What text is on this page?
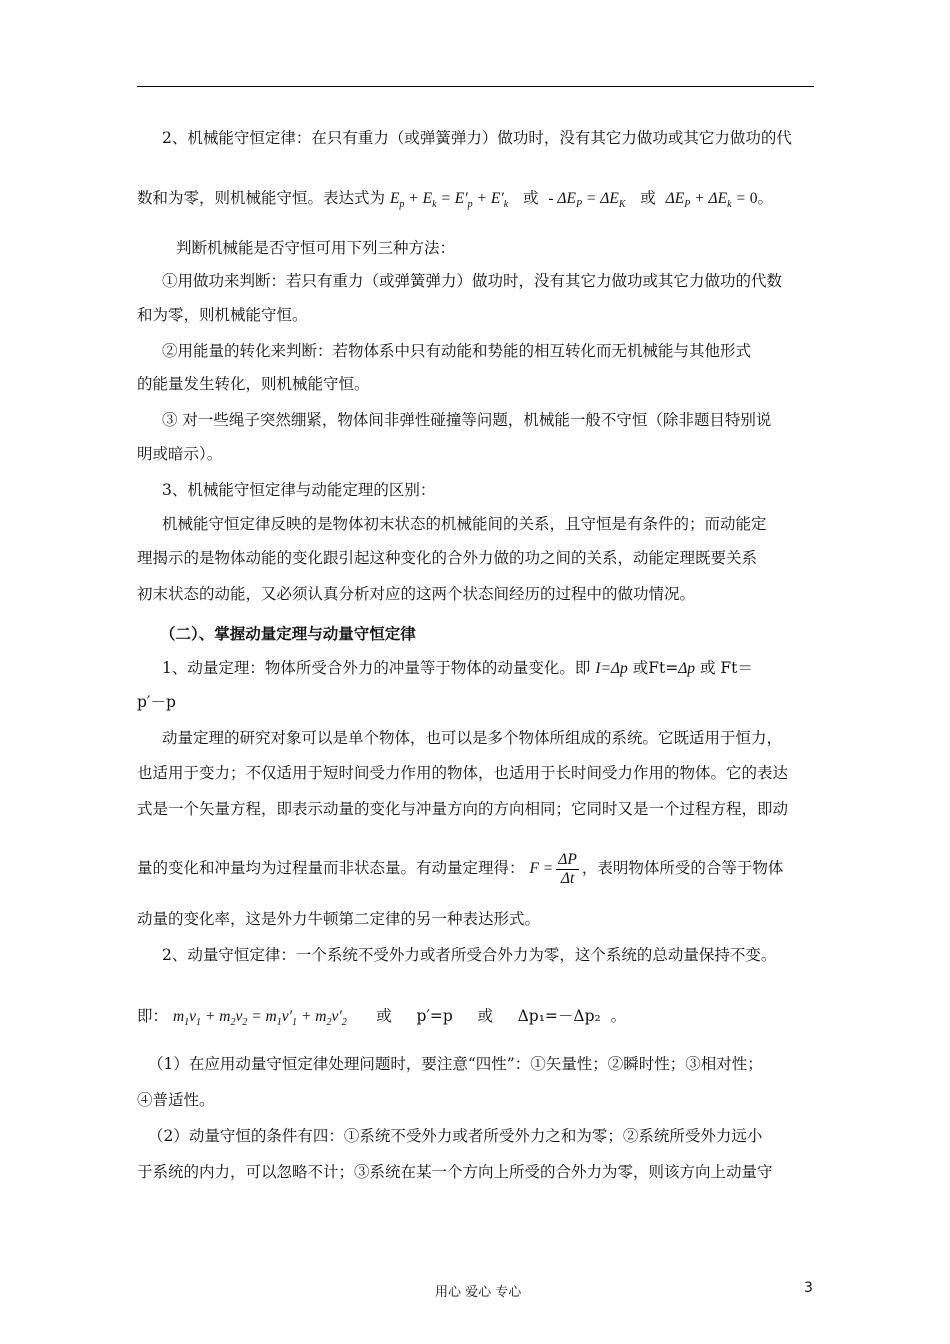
2、机械能守恒定律：在只有重力（或弹簧弹力）做功时，没有其它力做功或其它力做功的代
数和为零，则机械能守恒。表达式为 $E_p + E_k = E'_p + E'_k$ 或 - $\Delta E_P = \Delta E_K$ 或 $\Delta E_P + \Delta E_k = 0$。
判断机械能是否守恒可用下列三种方法：
①用做功来判断：若只有重力（或弹簧弹力）做功时，没有其它力做功或其它力做功的代数
和为零，则机械能守恒。
②用能量的转化来判断：若物体系中只有动能和势能的相互转化而无机械能与其他形式
的能量发生转化，则机械能守恒。
③ 对一些绳子突然绷紧，物体间非弹性碰撞等问题，机械能一般不守恒（除非题目特别说
明或暗示）。
3、机械能守恒定律与动能定理的区别：
机械能守恒定律反映的是物体初末状态的机械能间的关系，且守恒是有条件的；而动能定
理揭示的是物体动能的变化跟引起这种变化的合外力做的功之间的关系，动能定理既要关系
初末状态的动能，又必须认真分析对应的这两个状态间经历的过程中的做功情况。
（二）、掌握动量定理与动量守恒定律
1、动量定理：物体所受合外力的冲量等于物体的动量变化。即 I=Δp 或Ft=Δp 或 Ft＝
p′－p
动量定理的研究对象可以是单个物体，也可以是多个物体所组成的系统。它既适用于恒力，
也适用于变力；不仅适用于短时间受力作用的物体，也适用于长时间受力作用的物体。它的表达
式是一个矢量方程，即表示动量的变化与冲量方向的方向相同；它同时又是一个过程方程，即动
量的变化和冲量均为过程量而非状态量。有动量定理得： $F = \frac{\Delta P}{\Delta t}$ ，表明物体所受的合等于物体
动量的变化率，这是外力牛顿第二定律的另一种表达形式。
2、动量守恒定律：一个系统不受外力或者所受合外力为零，这个系统的总动量保持不变。
即： $m_1v_1 + m_2v_2 = m_1v'_1 + m_2v'_2$ 或 p′=p 或 Δp₁=－Δp₂ 。
（1）在应用动量守恒定律处理问题时，要注意“四性”：①矢量性；②瞬时性；③相对性；
④普适性。
（2）动量守恒的条件有四：①系统不受外力或者所受外力之和为零；②系统所受外力远小
于系统的内力，可以忽略不计；③系统在某一个方向上所受的合外力为零，则该方向上动量守
用心 爱心 专心	3
